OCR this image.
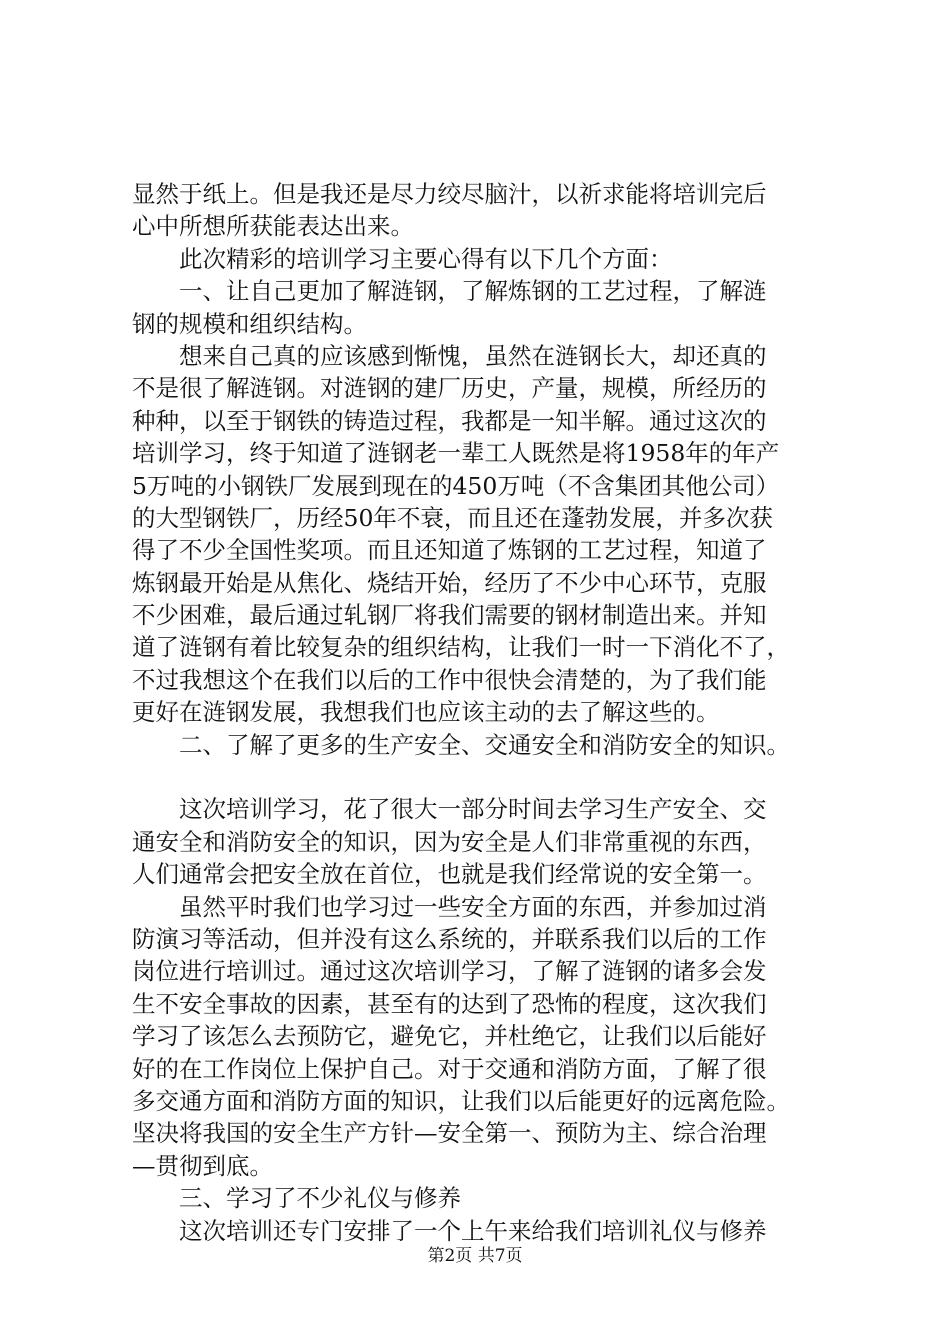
显然于纸上。但是我还是尽力绞尽脑汁，以祈求能将培训完后
心中所想所获能表达出来。
　　此次精彩的培训学习主要心得有以下几个方面：
　　一、让自己更加了解涟钢，了解炼钢的工艺过程，了解涟
钢的规模和组织结构。
　　想来自己真的应该感到惭愧，虽然在涟钢长大，却还真的
不是很了解涟钢。对涟钢的建厂历史，产量，规模，所经历的
种种，以至于钢铁的铸造过程，我都是一知半解。通过这次的
培训学习，终于知道了涟钢老一辈工人既然是将1958年的年产
5万吨的小钢铁厂发展到现在的450万吨（不含集团其他公司）
的大型钢铁厂，历经50年不衰，而且还在蓬勃发展，并多次获
得了不少全国性奖项。而且还知道了炼钢的工艺过程，知道了
炼钢最开始是从焦化、烧结开始，经历了不少中心环节，克服
不少困难，最后通过轧钢厂将我们需要的钢材制造出来。并知
道了涟钢有着比较复杂的组织结构，让我们一时一下消化不了，
不过我想这个在我们以后的工作中很快会清楚的，为了我们能
更好在涟钢发展，我想我们也应该主动的去了解这些的。
　　二、了解了更多的生产安全、交通安全和消防安全的知识。
　　这次培训学习，花了很大一部分时间去学习生产安全、交
通安全和消防安全的知识，因为安全是人们非常重视的东西，
人们通常会把安全放在首位，也就是我们经常说的安全第一。
　　虽然平时我们也学习过一些安全方面的东西，并参加过消
防演习等活动，但并没有这么系统的，并联系我们以后的工作
岗位进行培训过。通过这次培训学习，了解了涟钢的诸多会发
生不安全事故的因素，甚至有的达到了恐怖的程度，这次我们
学习了该怎么去预防它，避免它，并杜绝它，让我们以后能好
好的在工作岗位上保护自己。对于交通和消防方面，了解了很
多交通方面和消防方面的知识，让我们以后能更好的远离危险。
坚决将我国的安全生产方针—安全第一、预防为主、综合治理
—贯彻到底。
　　三、学习了不少礼仪与修养
　　这次培训还专门安排了一个上午来给我们培训礼仪与修养
第2页 共7页
